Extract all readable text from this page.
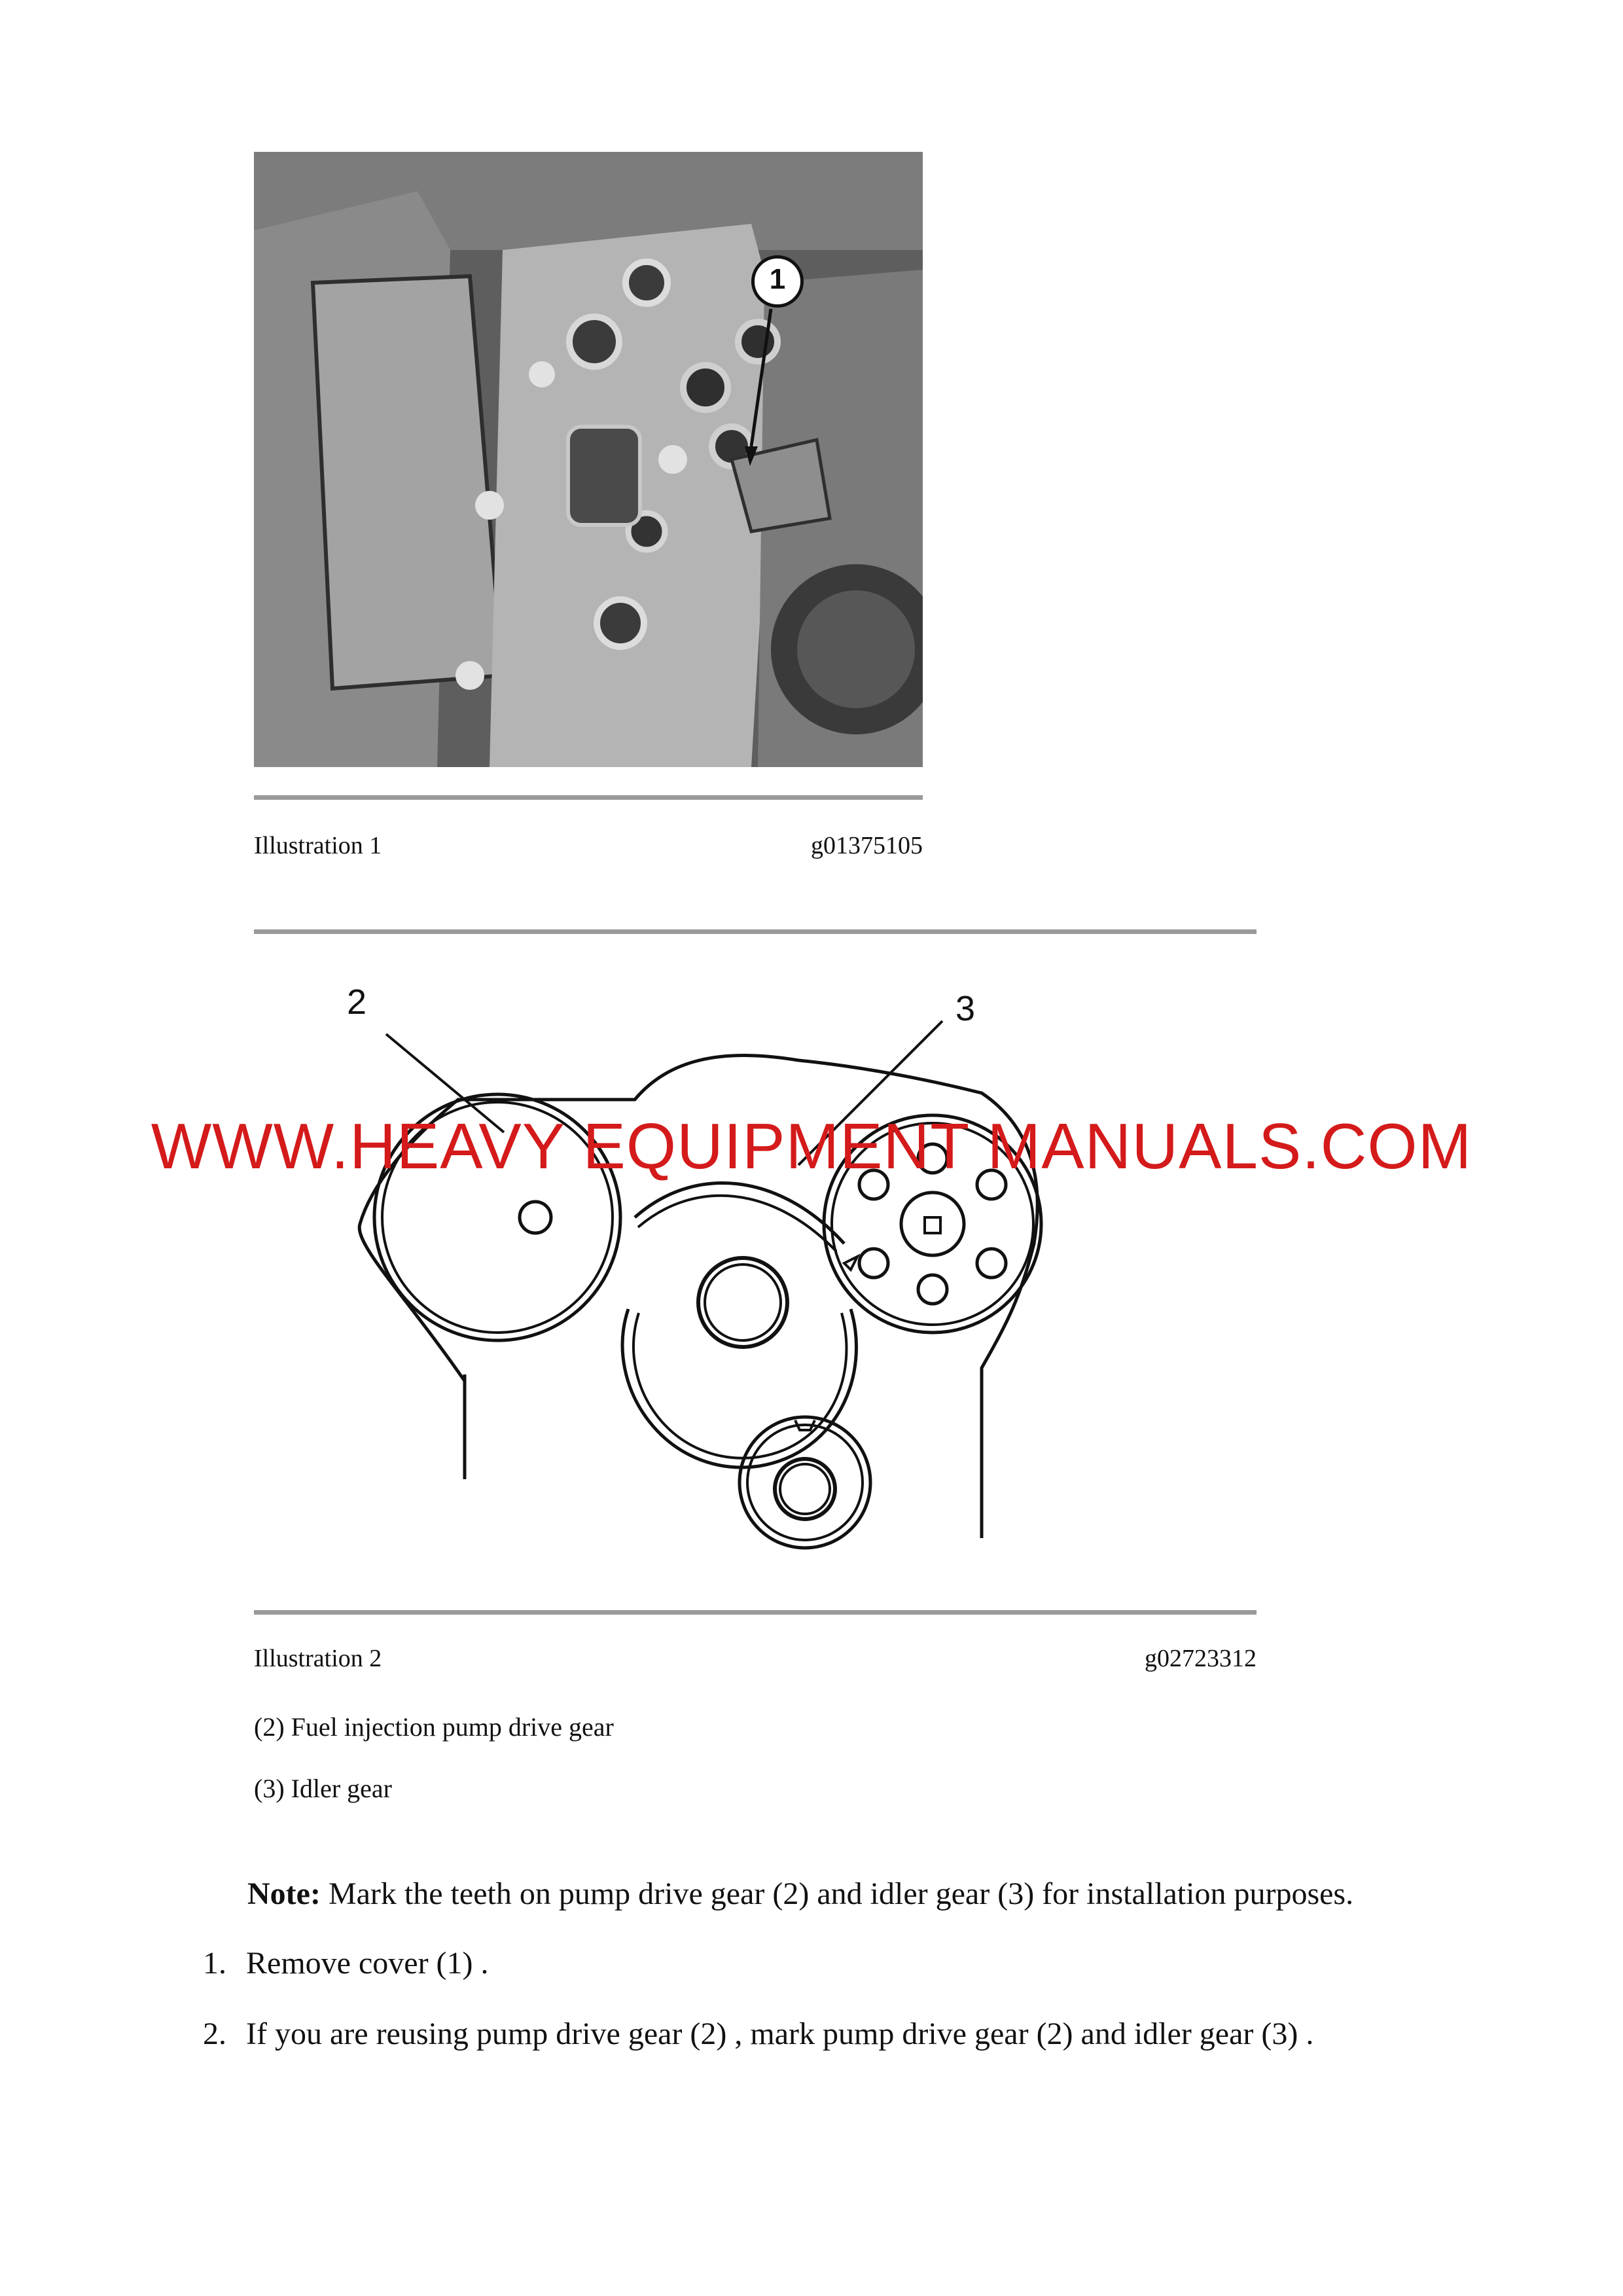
1
Illustration 1	g01375105
2	3
WWW.HEAVY EQUIPMENT MANUALS.COM
Illustration 2	g02723312
(2) Fuel injection pump drive gear
(3) Idler gear
Note: Mark the teeth on pump drive gear (2) and idler gear (3) for installation purposes.
1. Remove cover (1) .
2. If you are reusing pump drive gear (2) , mark pump drive gear (2) and idler gear (3) .
